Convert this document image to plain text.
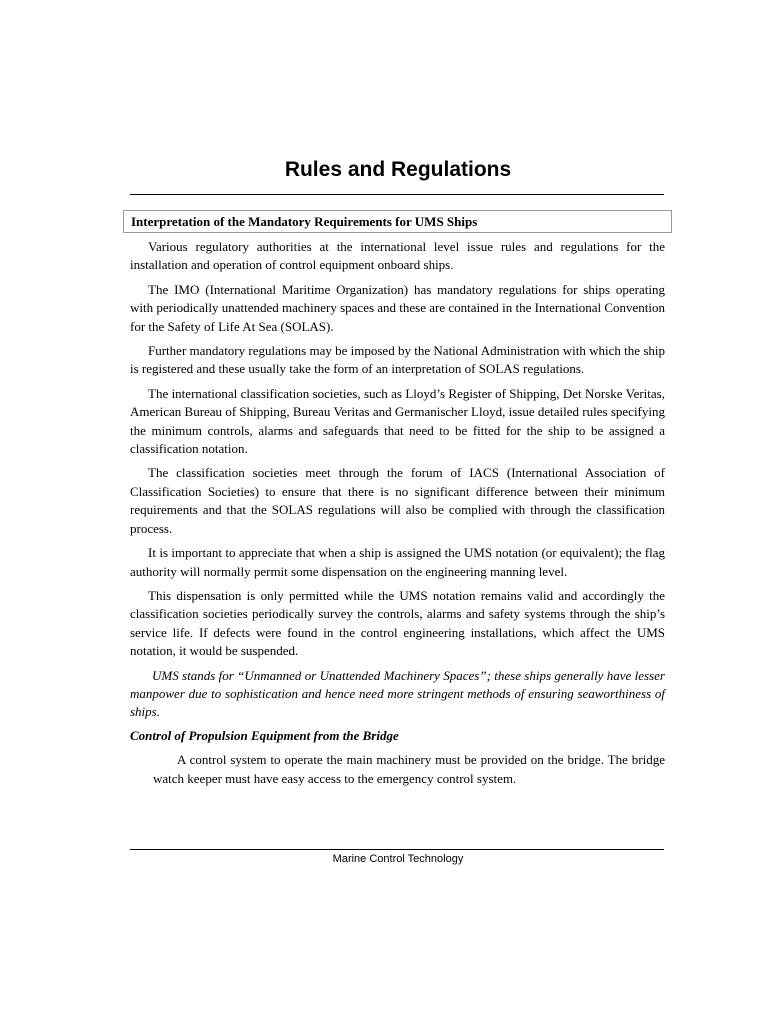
Rules and Regulations
Interpretation of the Mandatory Requirements for UMS Ships

Various regulatory authorities at the international level issue rules and regulations for the installation and operation of control equipment onboard ships.

The IMO (International Maritime Organization) has mandatory regulations for ships operating with periodically unattended machinery spaces and these are contained in the International Convention for the Safety of Life At Sea (SOLAS).

Further mandatory regulations may be imposed by the National Administration with which the ship is registered and these usually take the form of an interpretation of SOLAS regulations.

The international classification societies, such as Lloyd’s Register of Shipping, Det Norske Veritas, American Bureau of Shipping, Bureau Veritas and Germanischer Lloyd, issue detailed rules specifying the minimum controls, alarms and safeguards that need to be fitted for the ship to be assigned a classification notation.

The classification societies meet through the forum of IACS (International Association of Classification Societies) to ensure that there is no significant difference between their minimum requirements and that the SOLAS regulations will also be complied with through the classification process.

It is important to appreciate that when a ship is assigned the UMS notation (or equivalent); the flag authority will normally permit some dispensation on the engineering manning level.

This dispensation is only permitted while the UMS notation remains valid and accordingly the classification societies periodically survey the controls, alarms and safety systems through the ship’s service life. If defects were found in the control engineering installations, which affect the UMS notation, it would be suspended.

UMS stands for “Unmanned or Unattended Machinery Spaces”; these ships generally have lesser manpower due to sophistication and hence need more stringent methods of ensuring seaworthiness of ships.

Control of Propulsion Equipment from the Bridge

A control system to operate the main machinery must be provided on the bridge. The bridge watch keeper must have easy access to the emergency control system.

Marine Control Technology
